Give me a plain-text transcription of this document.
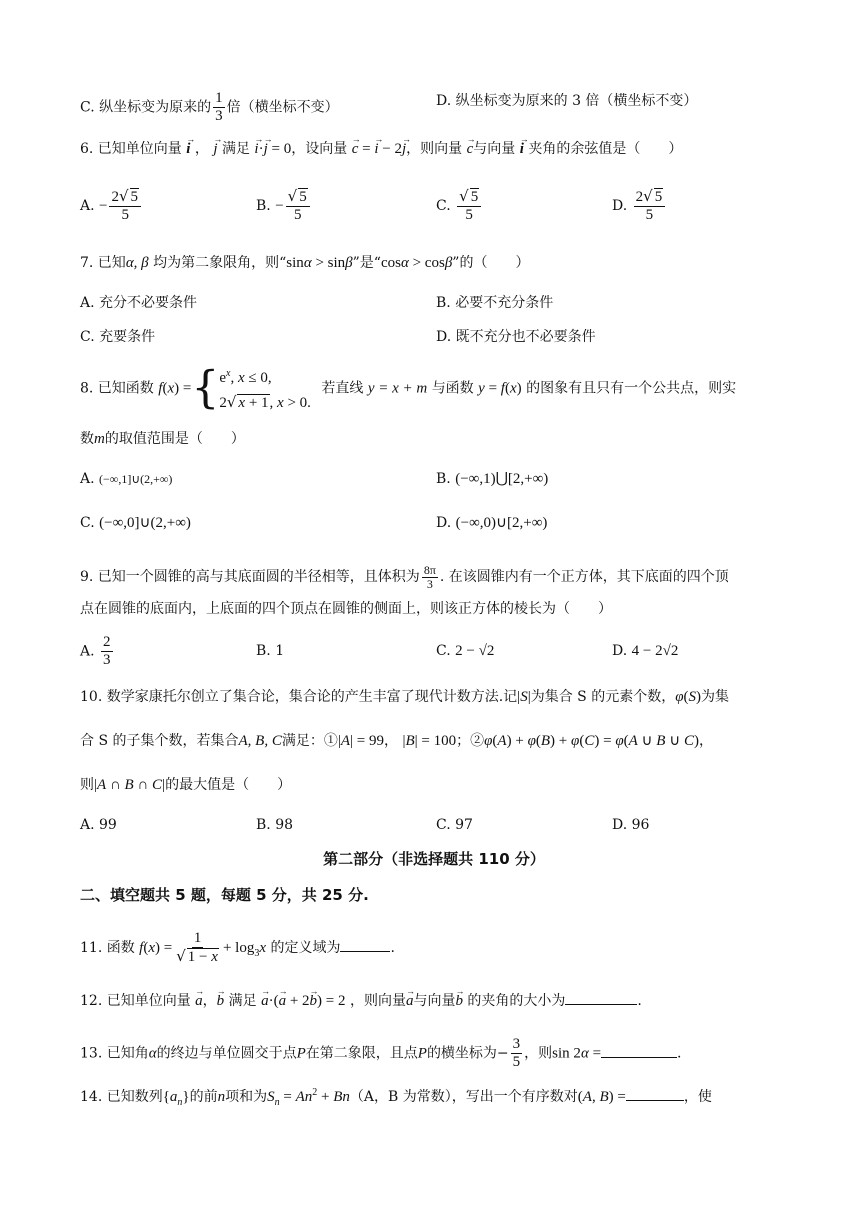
C. 纵坐标变为原来的 $\frac{1}{3}$ 倍（横坐标不变）	D. 纵坐标变为原来的 3 倍（横坐标不变）
6. 已知单位向量 → i ， → j 满足 → i·→ j = 0，设向量 → c = → i − 2→ j，则向量 → c与向量 → i 夹角的余弦值是（　　）
A. − $\frac{2√ 5}{5}$	B. − $\frac{√ 5}{5}$	C. $\frac{√ 5}{5}$	D. $\frac{2√ 5}{5}$
7. 已知α, β 均为第二象限角，则“sinα > sinβ”是“cosα > cosβ”的（　　）
A. 充分不必要条件	B. 必要不充分条件
C. 充要条件	D. 既不充分也不必要条件
8. 已知函数 f(x) ={ $e^x$, x ≤ 0,
2√ x + 1, x > 0.
若直线 y = x + m 与函数 y = f(x) 的图象有且只有一个公共点，则实
数m的取值范围是（　　）
A. (−∞,1]∪(2,+∞)	B. (−∞,1)⋃[2,+∞)
C. (−∞,0]∪(2,+∞)	D. (−∞,0)∪[2,+∞)
9. 已知一个圆锥的高与其底面圆的半径相等，且体积为 $\frac{8\pi}{3}$ . 在该圆锥内有一个正方体，其下底面的四个顶
点在圆锥的底面内，上底面的四个顶点在圆锥的侧面上，则该正方体的棱长为（　　）
A. $\frac{2}{3}$	B. 1	C. 2 − √2	D. 4 − 2√2
10. 数学家康托尔创立了集合论，集合论的产生丰富了现代计数方法.记|S|为集合 S 的元素个数，φ(S)为集
合 S 的子集个数，若集合A, B, C满足：①|A| = 99， |B| = 100；②φ(A) + φ(B) + φ(C) = φ(A ∪ B ∪ C)，
则|A ∩ B ∩ C|的最大值是（　　）
A. 99	B. 98	C. 97	D. 96
第二部分（非选择题共 110 分）
二、填空题共 5 题，每题 5 分，共 25 分.
11. 函数 $f(x) = \frac{1}{√ 1 - x} + \log_3x$ 的定义域为	.
12. 已知单位向量 → a，→ b 满足 → a·(→ a + 2→ b) = 2 ，则向量→ a与向量→ b 的夹角的大小为	.
13. 已知角α的终边与单位圆交于点P在第二象限，且点P的横坐标为− $\frac{3}{5}$ ，则sin 2α =	.
14. 已知数列$\{a_n\}$的前n项和为$S_n = An^2 + Bn(A$，B 为常数），写出一个有序数对(A, B) =	，使
